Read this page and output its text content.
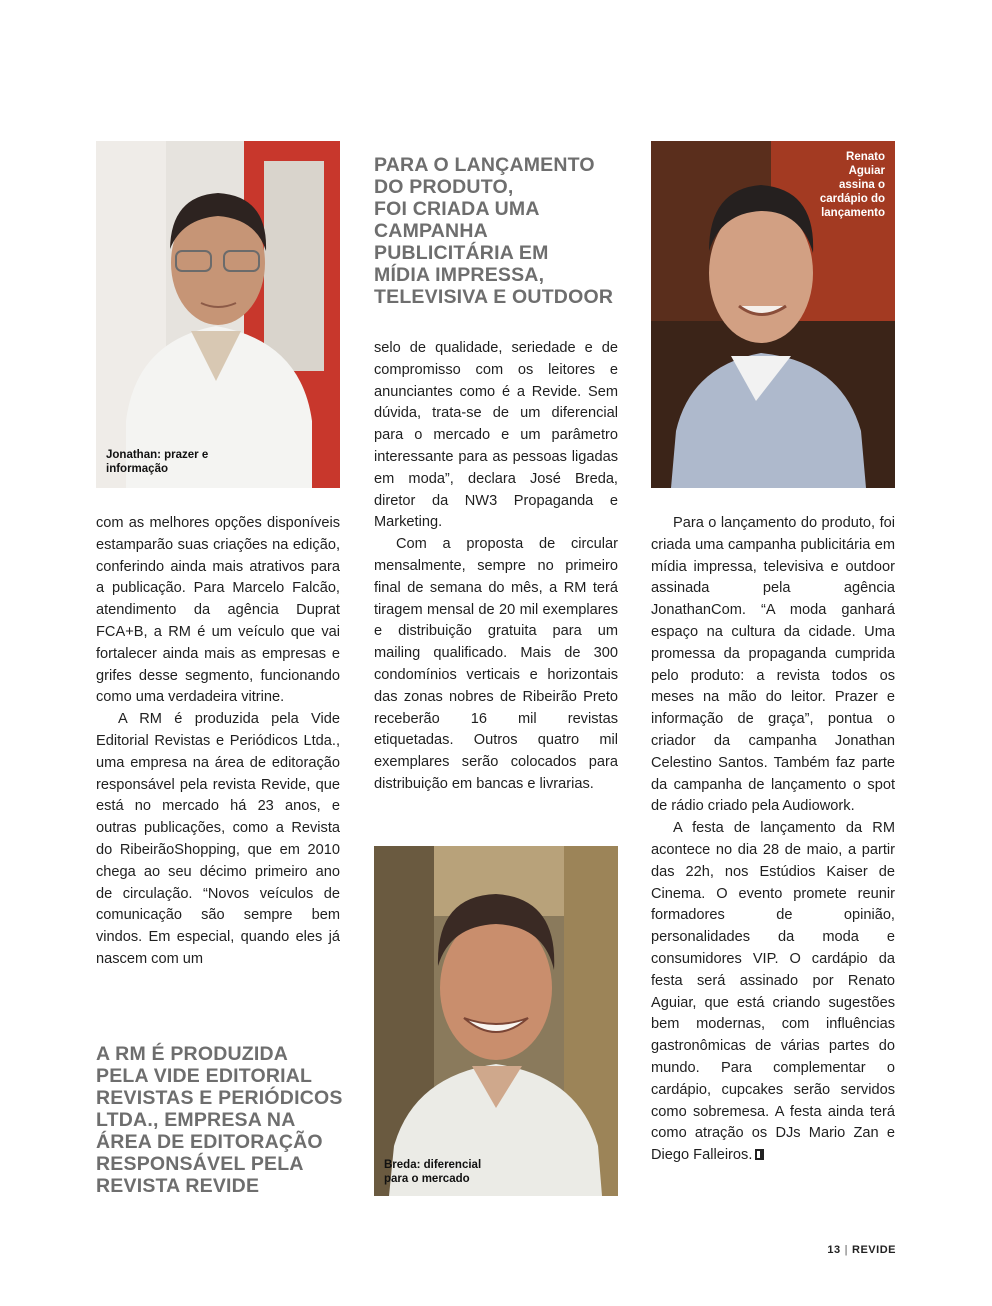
Jonathan: prazer e
informação
Renato
Aguiar
assina o
cardápio do
lançamento
Breda: diferencial
para o mercado
PARA O LANÇAMENTO
DO PRODUTO,
FOI CRIADA UMA
CAMPANHA
PUBLICITÁRIA EM
MÍDIA IMPRESSA,
TELEVISIVA E OUTDOOR

com as melhores opções disponíveis estamparão suas criações na edição, conferindo ainda mais atrativos para a publicação. Para Marcelo Falcão, atendimento da agência Duprat FCA+B, a RM é um veículo que vai fortalecer ainda mais as empresas e grifes desse segmento, funcionando como uma verdadeira vitrine.

A RM é produzida pela Vide Editorial Revistas e Periódicos Ltda., uma empresa na área de editoração responsável pela revista Revide, que está no mercado há 23 anos, e outras publicações, como a Revista do RibeirãoShopping, que em 2010 chega ao seu décimo primeiro ano de circulação. “Novos veículos de comunicação são sempre bem vindos. Em especial, quando eles já nascem com um

A RM É PRODUZIDA
PELA VIDE EDITORIAL
REVISTAS E PERIÓDICOS
LTDA., EMPRESA NA
ÁREA DE EDITORAÇÃO
RESPONSÁVEL PELA
REVISTA REVIDE

selo de qualidade, seriedade e de compromisso com os leitores e anunciantes como é a Revide. Sem dúvida, trata-se de um diferencial para o mercado e um parâmetro interessante para as pessoas ligadas em moda”, declara José Breda, diretor da NW3 Propaganda e Marketing.

Com a proposta de circular mensalmente, sempre no primeiro final de semana do mês, a RM terá tiragem mensal de 20 mil exemplares e distribuição gratuita para um mailing qualificado. Mais de 300 condomínios verticais e horizontais das zonas nobres de Ribeirão Preto receberão 16 mil revistas etiquetadas. Outros quatro mil exemplares serão colocados para distribuição em bancas e livrarias.

Para o lançamento do produto, foi criada uma campanha publicitária em mídia impressa, televisiva e outdoor assinada pela agência JonathanCom. “A moda ganhará espaço na cultura da cidade. Uma promessa da propaganda cumprida pelo produto: a revista todos os meses na mão do leitor. Prazer e informação de graça”, pontua o criador da campanha Jonathan Celestino Santos. Também faz parte da campanha de lançamento o spot de rádio criado pela Audiowork.

A festa de lançamento da RM acontece no dia 28 de maio, a partir das 22h, nos Estúdios Kaiser de Cinema. O evento promete reunir formadores de opinião, personalidades da moda e consumidores VIP. O cardápio da festa será assinado por Renato Aguiar, que está criando sugestões bem modernas, com influências gastronômicas de várias partes do mundo. Para complementar o cardápio, cupcakes serão servidos como sobremesa. A festa ainda terá como atração os DJs Mario Zan e Diego Falleiros.

13 | REVIDE
